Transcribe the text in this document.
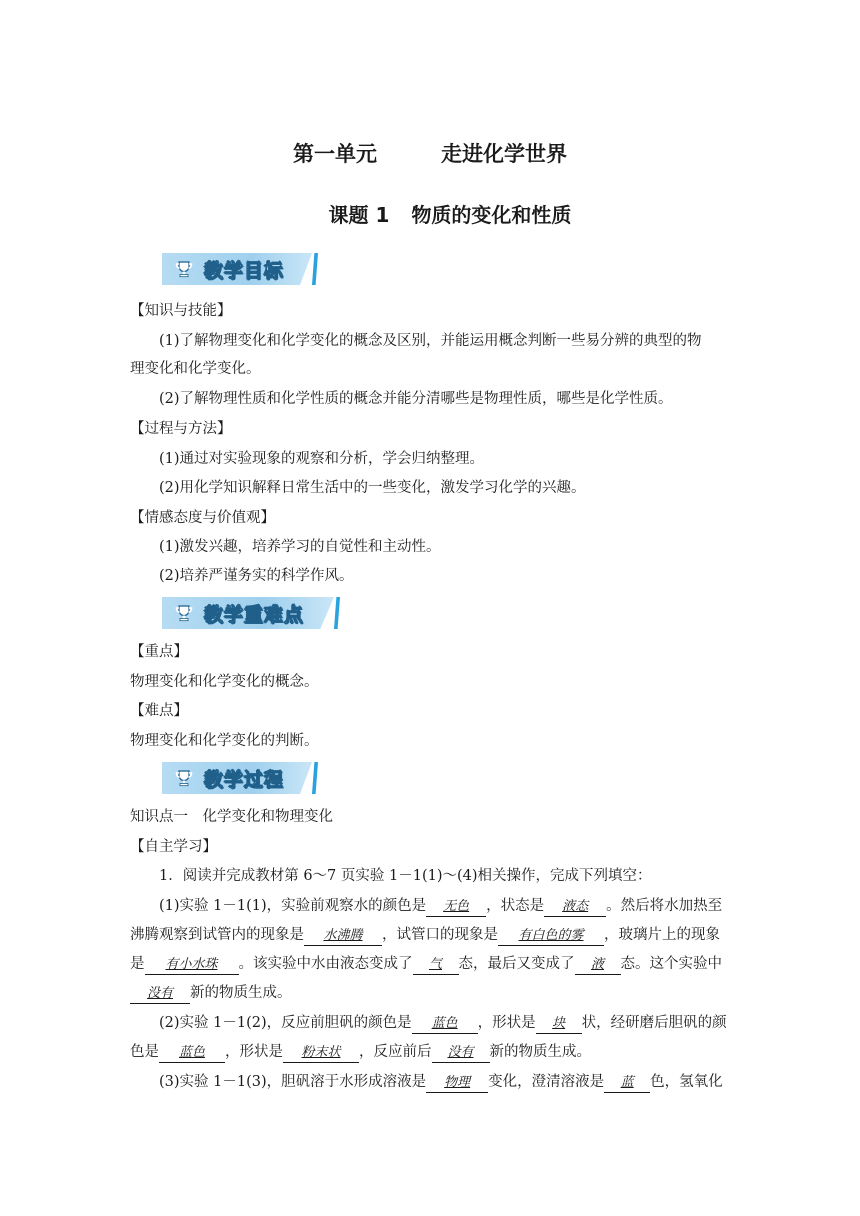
第一单元	走进化学世界
课题 1 物质的变化和性质
教学目标
【知识与技能】
(1)了解物理变化和化学变化的概念及区别，并能运用概念判断一些易分辨的典型的物
理变化和化学变化。
(2)了解物理性质和化学性质的概念并能分清哪些是物理性质，哪些是化学性质。
【过程与方法】
(1)通过对实验现象的观察和分析，学会归纳整理。
(2)用化学知识解释日常生活中的一些变化，激发学习化学的兴趣。
【情感态度与价值观】
(1)激发兴趣，培养学习的自觉性和主动性。
(2)培养严谨务实的科学作风。
教学重难点
【重点】
物理变化和化学变化的概念。
【难点】
物理变化和化学变化的判断。
教学过程
知识点一　化学变化和物理变化
【自主学习】
1．阅读并完成教材第 6～7 页实验 1－1(1)～(4)相关操作，完成下列填空：
(1)实验 1－1(1)，实验前观察水的颜色是 无色 ，状态是 液态 。然后将水加热至
沸腾观察到试管内的现象是 水沸腾 ，试管口的现象是 有白色的雾 ，玻璃片上的现象
是 有小水珠 。该实验中水由液态变成了 气 态，最后又变成了 液 态。这个实验中
没有 新的物质生成。
(2)实验 1－1(2)，反应前胆矾的颜色是 蓝色 ，形状是 块 状，经研磨后胆矾的颜
色是 蓝色 ，形状是 粉末状 ，反应前后 没有 新的物质生成。
(3)实验 1－1(3)，胆矾溶于水形成溶液是 物理 变化，澄清溶液是 蓝 色，氢氧化
